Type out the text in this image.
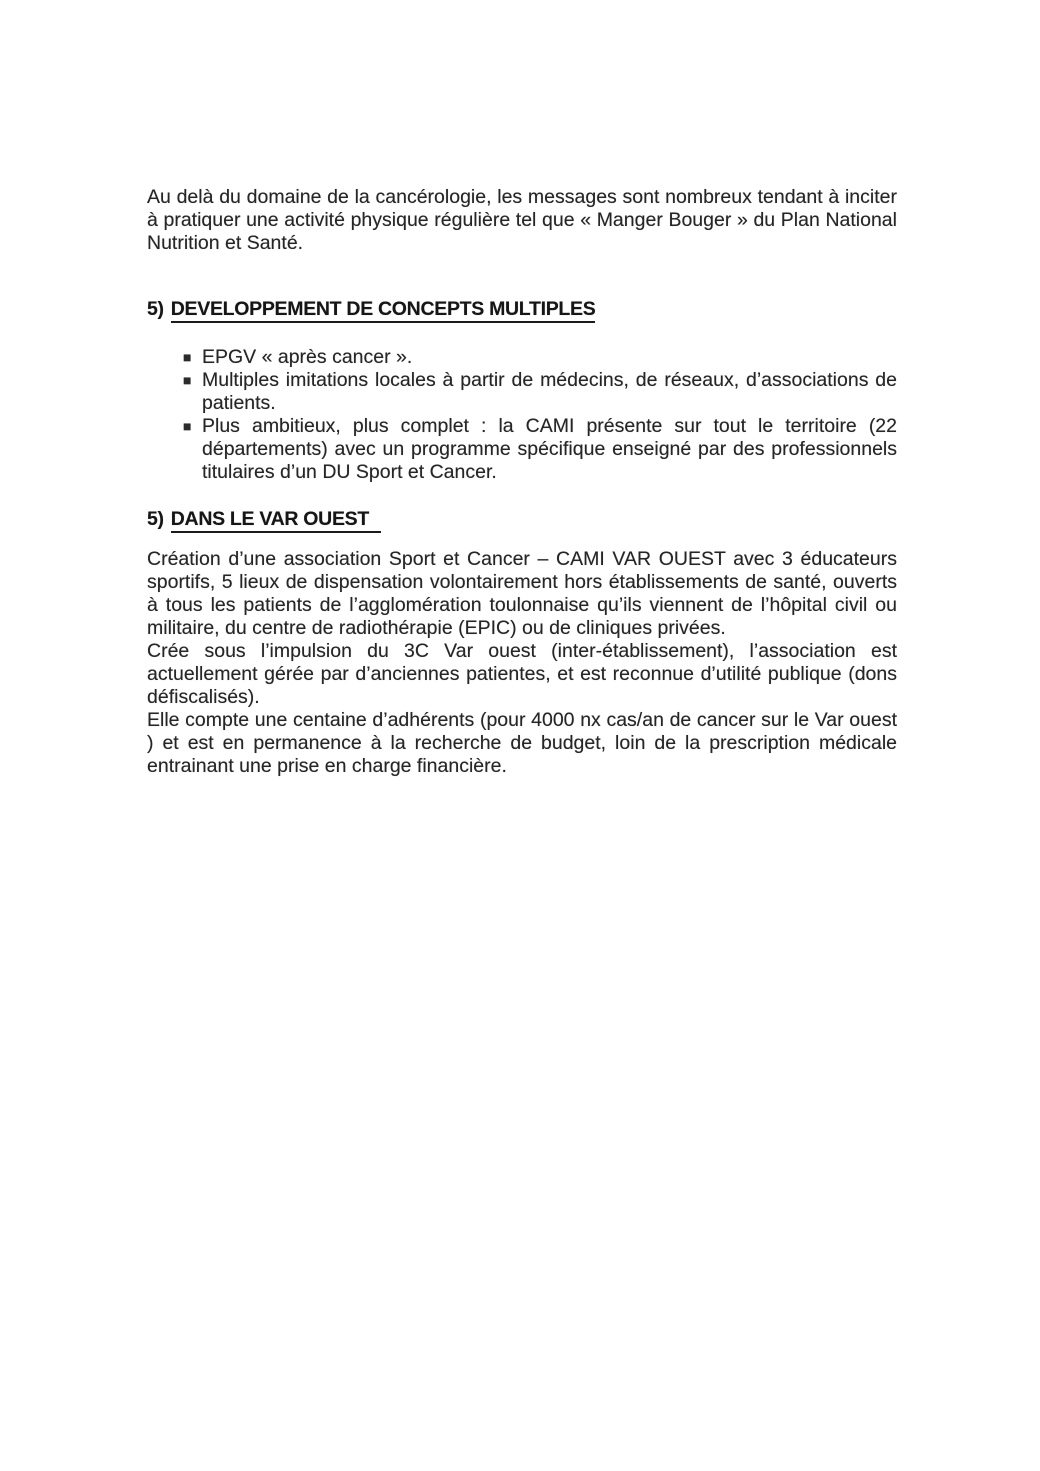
Au delà du domaine de la cancérologie, les messages sont nombreux tendant à inciter à pratiquer une activité physique régulière tel que « Manger Bouger » du Plan National Nutrition et Santé.

5) DEVELOPPEMENT DE CONCEPTS MULTIPLES
■ EPGV « après cancer ».
■ Multiples imitations locales à partir de médecins, de réseaux, d’associations de patients.
■ Plus ambitieux, plus complet : la CAMI présente sur tout le territoire (22 départements) avec un programme spécifique enseigné par des professionnels titulaires d’un DU Sport et Cancer.
5) DANS LE VAR OUEST

Création d’une association Sport et Cancer – CAMI VAR OUEST avec 3 éducateurs sportifs, 5 lieux de dispensation volontairement hors établissements de santé, ouverts à tous les patients de l’agglomération toulonnaise qu’ils viennent de l’hôpital civil ou militaire, du centre de radiothérapie (EPIC) ou de cliniques privées.

Crée sous l’impulsion du 3C Var ouest (inter-établissement), l’association est actuellement gérée par d’anciennes patientes, et est reconnue d’utilité publique (dons défiscalisés).

Elle compte une centaine d’adhérents (pour 4000 nx cas/an de cancer sur le Var ouest ) et est en permanence à la recherche de budget, loin de la prescription médicale entrainant une prise en charge financière.
